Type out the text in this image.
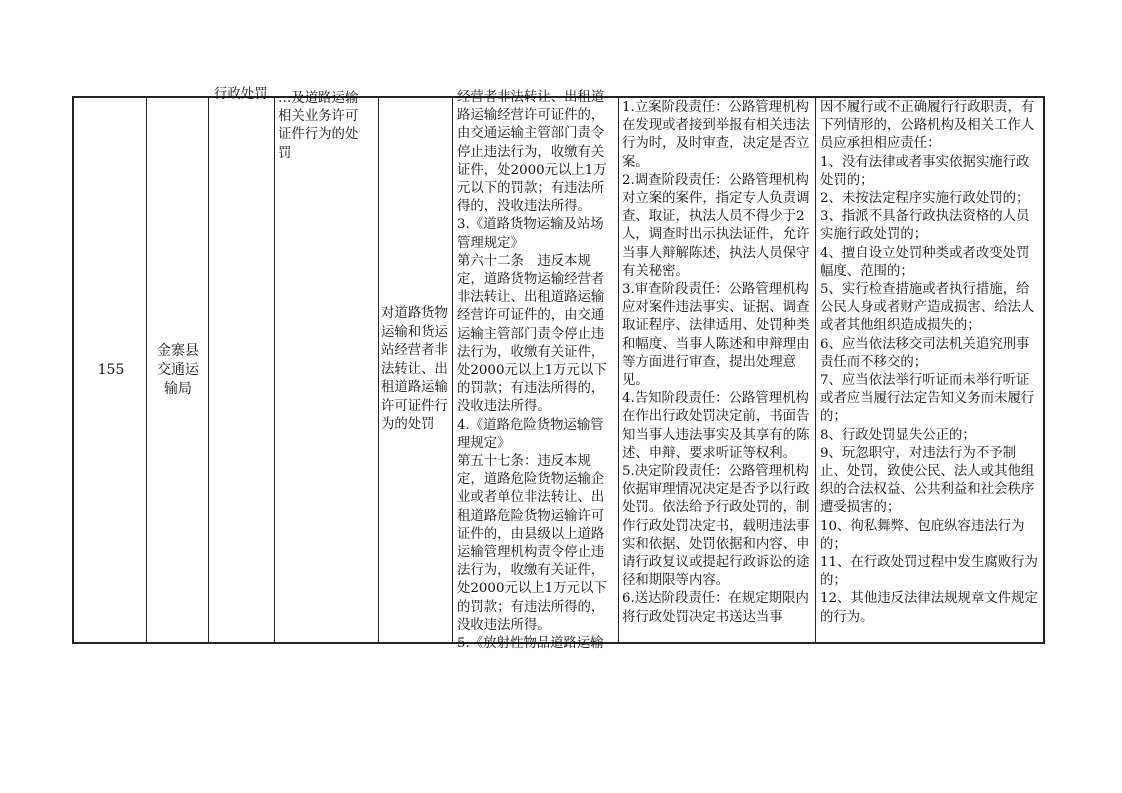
155
金寨县交通运输局
行政处罚 …及道路运输相关业务许可证件行为的处罚
对道路货物运输和货运站经营者非法转让、出租道路运输许可证件行为的处罚
经营者非法转让、出租道路运输经营许可证件的，由交通运输主管部门责令停止违法行为，收缴有关证件，处2000元以上1万元以下的罚款；有违法所得的，没收违法所得。
3.《道路货物运输及站场管理规定》
第六十二条　违反本规定，道路货物运输经营者非法转让、出租道路运输经营许可证件的，由交通运输主管部门责令停止违法行为，收缴有关证件，处2000元以上1万元以下的罚款；有违法所得的，没收违法所得。
4.《道路危险货物运输管理规定》
第五十七条：违反本规定，道路危险货物运输企业或者单位非法转让、出租道路危险货物运输许可证件的，由县级以上道路运输管理机构责令停止违法行为，收缴有关证件，处2000元以上1万元以下的罚款；有违法所得的，没收违法所得。
5.《放射性物品道路运输
1.立案阶段责任：公路管理机构在发现或者接到举报有相关违法行为时，及时审查，决定是否立案。
2.调查阶段责任：公路管理机构对立案的案件，指定专人负责调查、取证，执法人员不得少于2人，调查时出示执法证件，允许当事人辩解陈述，执法人员保守有关秘密。
3.审查阶段责任：公路管理机构应对案件违法事实、证据、调查取证程序、法律适用、处罚种类和幅度、当事人陈述和申辩理由等方面进行审查，提出处理意见。
4.告知阶段责任：公路管理机构在作出行政处罚决定前，书面告知当事人违法事实及其享有的陈述、申辩、要求听证等权利。
5.决定阶段责任：公路管理机构依据审理情况决定是否予以行政处罚。依法给予行政处罚的，制作行政处罚决定书，载明违法事实和依据、处罚依据和内容、申请行政复议或提起行政诉讼的途径和期限等内容。
6.送达阶段责任：在规定期限内将行政处罚决定书送达当事
因不履行或不正确履行行政职责，有下列情形的，公路机构及相关工作人员应承担相应责任：
1、没有法律或者事实依据实施行政处罚的；
2、未按法定程序实施行政处罚的；
3、指派不具备行政执法资格的人员实施行政处罚的；
4、擅自设立处罚种类或者改变处罚幅度、范围的；
5、实行检查措施或者执行措施，给公民人身或者财产造成损害、给法人或者其他组织造成损失的；
6、应当依法移交司法机关追究刑事责任而不移交的；
7、应当依法举行听证而未举行听证或者应当履行法定告知义务而未履行的；
8、行政处罚显失公正的；
9、玩忽职守，对违法行为不予制止、处罚，致使公民、法人或其他组织的合法权益、公共利益和社会秩序遭受损害的；
10、徇私舞弊、包庇纵容违法行为的；
11、在行政处罚过程中发生腐败行为的；
12、其他违反法律法规规章文件规定的行为。
